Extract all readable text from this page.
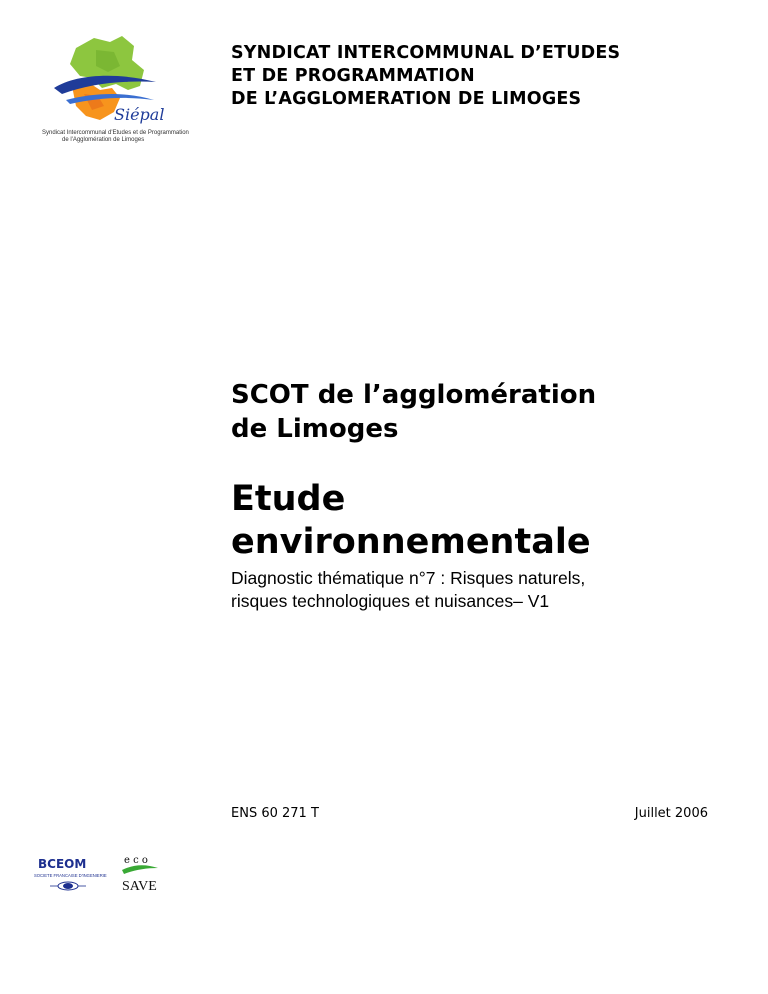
Siépal
Syndicat Intercommunal d'Etudes et de Programmation
de l'Agglomération de Limoges
SYNDICAT INTERCOMMUNAL D’ETUDES
ET DE PROGRAMMATION
DE L’AGGLOMERATION DE LIMOGES
SCOT de l’agglomération
de Limoges
Etude
environnementale
Diagnostic thématique n°7 : Risques naturels,
risques technologiques et nuisances– V1
ENS 60 271 T	Juillet 2006
BCEOM
SOCIETE FRANCAISE D'INGENIERIE
e c o
SAVE
